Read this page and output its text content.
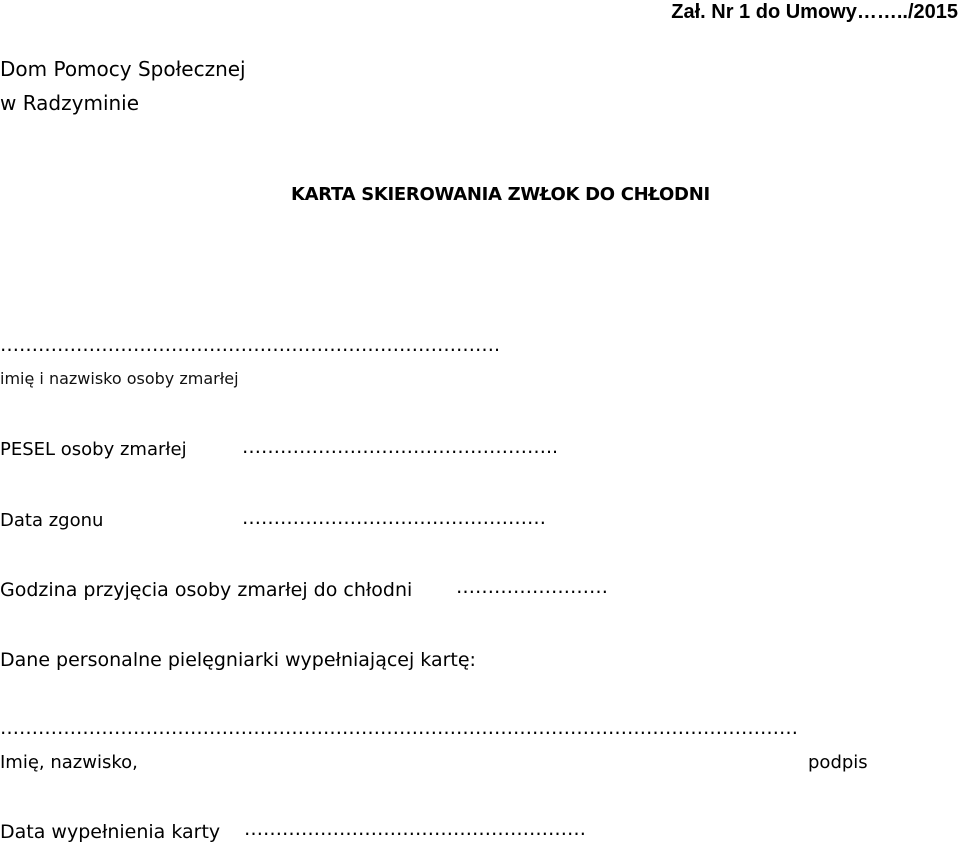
Zał. Nr 1 do Umowy……../2015

Dom Pomocy Społecznej

w Radzyminie

KARTA SKIEROWANIA ZWŁOK DO CHŁODNI

…………………………………………………………………….

imię i nazwisko osoby zmarłej

PESEL osoby zmarłej	…………………………………………..

Data zgonu	…………………………………………

Godzina przyjęcia osoby zmarłej do chłodni ……………………

Dane personalne pielęgniarki wypełniającej kartę:

………………………………………………………………………………………………………………

Imię, nazwisko,	podpis

Data wypełnienia karty ………………………………………………
